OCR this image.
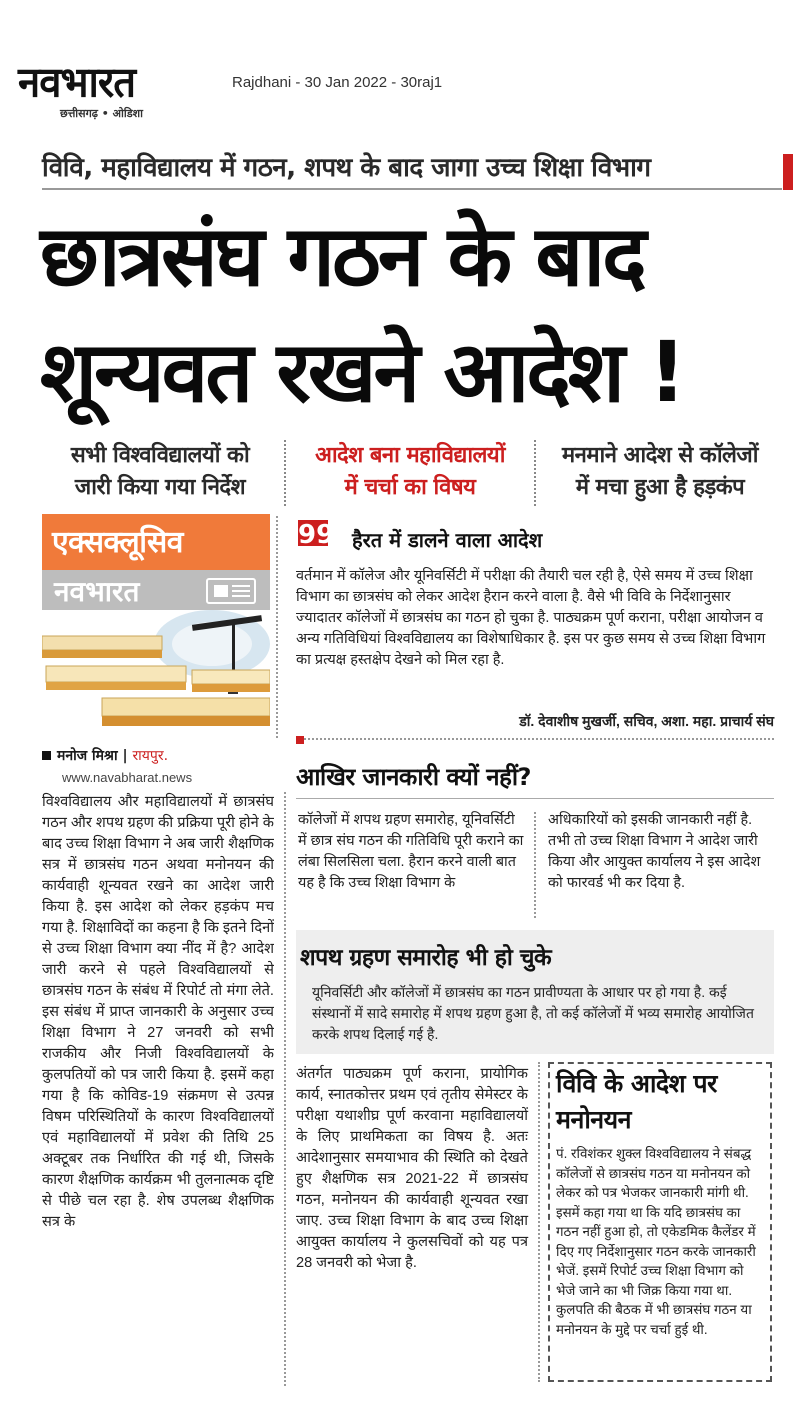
नवभारत
छत्तीसगढ़ • ओडिशा
Rajdhani - 30 Jan 2022 - 30raj1
विवि, महाविद्यालय में गठन, शपथ के बाद जागा उच्च शिक्षा विभाग
छात्रसंघ गठन के बाद
शून्यवत रखने आदेश !
सभी विश्वविद्यालयों को
जारी किया गया निर्देश
आदेश बना महाविद्यालयों
में चर्चा का विषय
मनमाने आदेश से कॉलेजों
में मचा हुआ है हड़कंप
एक्सक्लूसिव
नवभारत
मनोज मिश्रा | रायपुर.
www.navabharat.news
99 हैरत में डालने वाला आदेश
वर्तमान में कॉलेज और यूनिवर्सिटी में परीक्षा की तैयारी चल रही है, ऐसे समय में उच्च शिक्षा विभाग का छात्रसंघ को लेकर आदेश हैरान करने वाला है. वैसे भी विवि के निर्देशानुसार ज्यादातर कॉलेजों में छात्रसंघ का गठन हो चुका है. पाठ्यक्रम पूर्ण कराना, परीक्षा आयोजन व अन्य गतिविधियां विश्वविद्यालय का विशेषाधिकार है. इस पर कुछ समय से उच्च शिक्षा विभाग का प्रत्यक्ष हस्तक्षेप देखने को मिल रहा है.
डॉ. देवाशीष मुखर्जी, सचिव, अशा. महा. प्राचार्य संघ
विश्वविद्यालय और महाविद्यालयों में छात्रसंघ गठन और शपथ ग्रहण की प्रक्रिया पूरी होने के बाद उच्च शिक्षा विभाग ने अब जारी शैक्षणिक सत्र में छात्रसंघ गठन अथवा मनोनयन की कार्यवाही शून्यवत रखने का आदेश जारी किया है. इस आदेश को लेकर हड़कंप मच गया है. शिक्षाविदों का कहना है कि इतने दिनों से उच्च शिक्षा विभाग क्या नींद में है? आदेश जारी करने से पहले विश्वविद्यालयों से छात्रसंघ गठन के संबंध में रिपोर्ट तो मंगा लेते. इस संबंध में प्राप्त जानकारी के अनुसार उच्च शिक्षा विभाग ने 27 जनवरी को सभी राजकीय और निजी विश्वविद्यालयों के कुलपतियों को पत्र जारी किया है. इसमें कहा गया है कि कोविड-19 संक्रमण से उत्पन्न विषम परिस्थितियों के कारण विश्वविद्यालयों एवं महाविद्यालयों में प्रवेश की तिथि 25 अक्टूबर तक निर्धारित की गई थी, जिसके कारण शैक्षणिक कार्यक्रम भी तुलनात्मक दृष्टि से पीछे चल रहा है. शेष उपलब्ध शैक्षणिक सत्र के
आखिर जानकारी क्यों नहीं?
कॉलेजों में शपथ ग्रहण समारोह, यूनिवर्सिटी में छात्र संघ गठन की गतिविधि पूरी कराने का लंबा सिलसिला चला. हैरान करने वाली बात यह है कि उच्च शिक्षा विभाग के
अधिकारियों को इसकी जानकारी नहीं है. तभी तो उच्च शिक्षा विभाग ने आदेश जारी किया और आयुक्त कार्यालय ने इस आदेश को फारवर्ड भी कर दिया है.
शपथ ग्रहण समारोह भी हो चुके
यूनिवर्सिटी और कॉलेजों में छात्रसंघ का गठन प्रावीण्यता के आधार पर हो गया है. कई संस्थानों में सादे समारोह में शपथ ग्रहण हुआ है, तो कई कॉलेजों में भव्य समारोह आयोजित करके शपथ दिलाई गई है.
अंतर्गत पाठ्यक्रम पूर्ण कराना, प्रायोगिक कार्य, स्नातकोत्तर प्रथम एवं तृतीय सेमेस्टर के परीक्षा यथाशीघ्र पूर्ण करवाना महाविद्यालयों के लिए प्राथमिकता का विषय है. अतः आदेशानुसार समयाभाव की स्थिति को देखते हुए शैक्षणिक सत्र 2021-22 में छात्रसंघ गठन, मनोनयन की कार्यवाही शून्यवत रखा जाए. उच्च शिक्षा विभाग के बाद उच्च शिक्षा आयुक्त कार्यालय ने कुलसचिवों को यह पत्र 28 जनवरी को भेजा है.
विवि के आदेश पर मनोनयन
पं. रविशंकर शुक्ल विश्वविद्यालय ने संबद्ध कॉलेजों से छात्रसंघ गठन या मनोनयन को लेकर को पत्र भेजकर जानकारी मांगी थी. इसमें कहा गया था कि यदि छात्रसंघ का गठन नहीं हुआ हो, तो एकेडमिक कैलेंडर में दिए गए निर्देशानुसार गठन करके जानकारी भेजें. इसमें रिपोर्ट उच्च शिक्षा विभाग को भेजे जाने का भी जिक्र किया गया था. कुलपति की बैठक में भी छात्रसंघ गठन या मनोनयन के मुद्दे पर चर्चा हुई थी.
